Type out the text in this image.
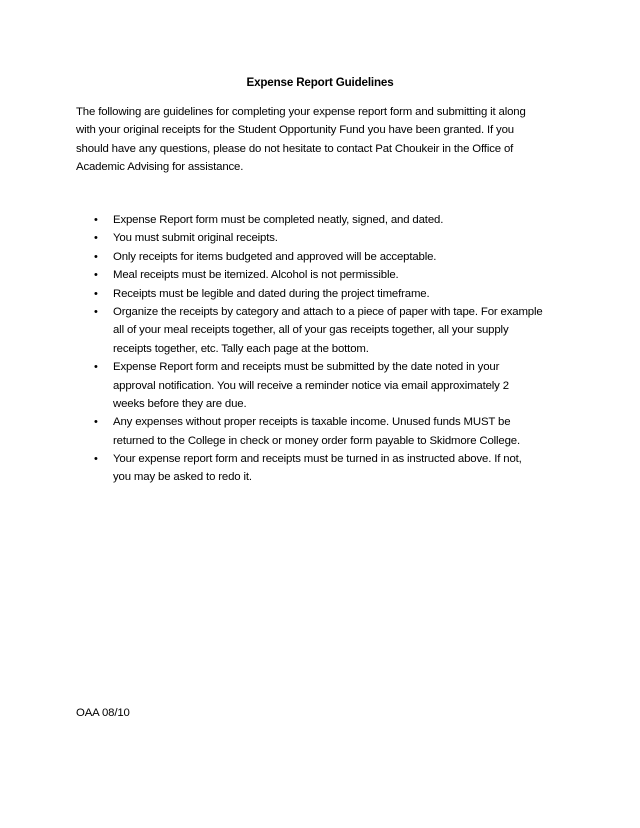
Expense Report Guidelines
The following are guidelines for completing your expense report form and submitting it along
with your original receipts for the Student Opportunity Fund you have been granted. If you
should have any questions, please do not hesitate to contact Pat Choukeir in the Office of
Academic Advising for assistance.
• Expense Report form must be completed neatly, signed, and dated.
• You must submit original receipts.
• Only receipts for items budgeted and approved will be acceptable.
• Meal receipts must be itemized. Alcohol is not permissible.
• Receipts must be legible and dated during the project timeframe.
• Organize the receipts by category and attach to a piece of paper with tape. For example
all of your meal receipts together, all of your gas receipts together, all your supply
receipts together, etc. Tally each page at the bottom.
• Expense Report form and receipts must be submitted by the date noted in your
approval notification. You will receive a reminder notice via email approximately 2
weeks before they are due.
• Any expenses without proper receipts is taxable income. Unused funds MUST be
returned to the College in check or money order form payable to Skidmore College.
• Your expense report form and receipts must be turned in as instructed above. If not,
you may be asked to redo it.
OAA 08/10
